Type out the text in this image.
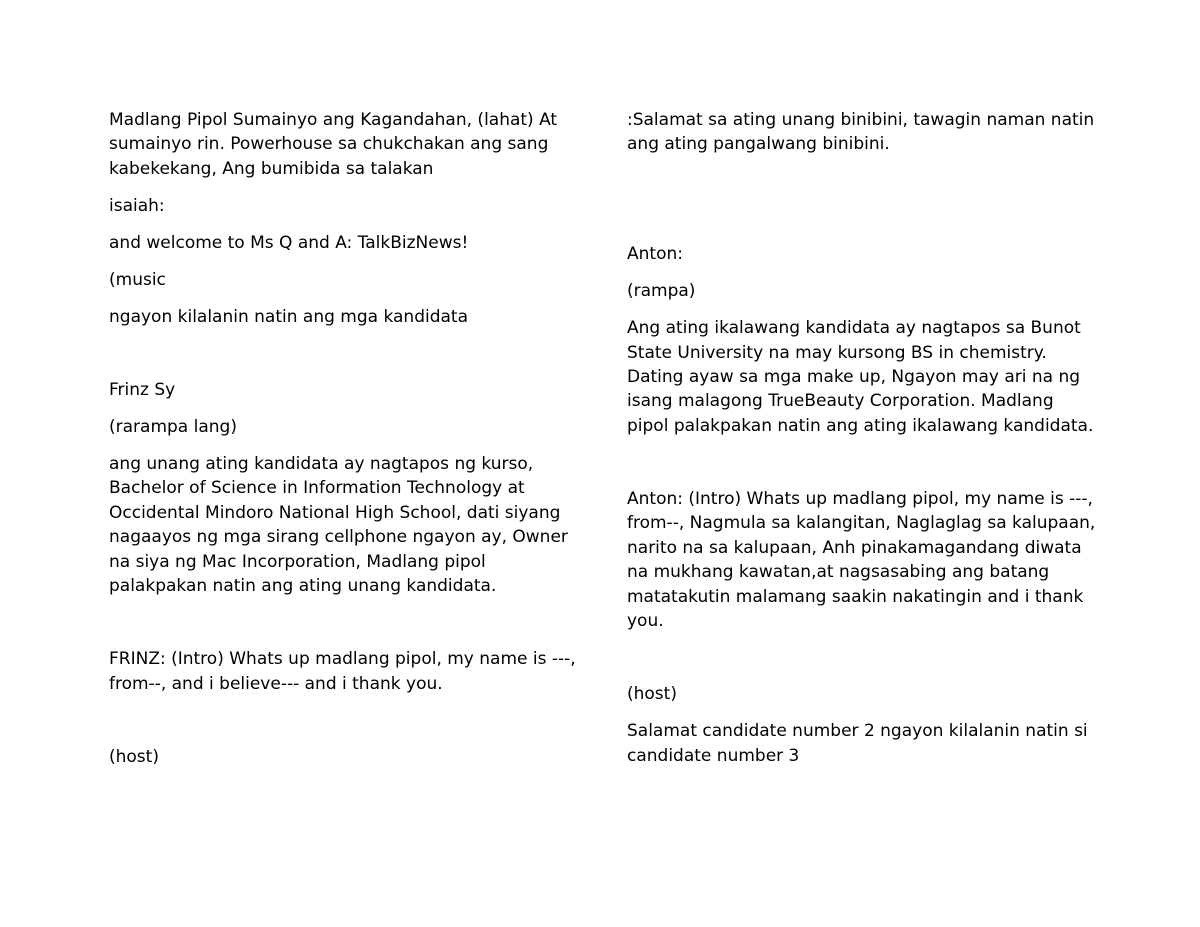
Madlang Pipol Sumainyo ang Kagandahan, (lahat) At sumainyo rin. Powerhouse sa chukchakan ang sang kabekekang, Ang bumibida sa talakan

isaiah:

and welcome to Ms Q and A: TalkBizNews!

(music

ngayon kilalanin natin ang mga kandidata

Frinz Sy

(rarampa lang)

ang unang ating kandidata ay nagtapos ng kurso, Bachelor of Science in Information Technology at Occidental Mindoro National High School, dati siyang nagaayos ng mga sirang cellphone ngayon ay, Owner na siya ng Mac Incorporation, Madlang pipol palakpakan natin ang ating unang kandidata.

FRINZ: (Intro) Whats up madlang pipol, my name is ---, from--, and i believe--- and i thank you.

(host)

:Salamat sa ating unang binibini, tawagin naman natin ang ating pangalwang binibini.

Anton:

(rampa)

Ang ating ikalawang kandidata ay nagtapos sa Bunot State University na may kursong BS in chemistry. Dating ayaw sa mga make up, Ngayon may ari na ng isang malagong TrueBeauty Corporation. Madlang pipol palakpakan natin ang ating ikalawang kandidata.

Anton: (Intro) Whats up madlang pipol, my name is ---, from--, Nagmula sa kalangitan, Naglaglag sa kalupaan, narito na sa kalupaan, Anh pinakamagandang diwata na mukhang kawatan,at nagsasabing ang batang matatakutin malamang saakin nakatingin and i thank you.

(host)

Salamat candidate number 2 ngayon kilalanin natin si candidate number 3
